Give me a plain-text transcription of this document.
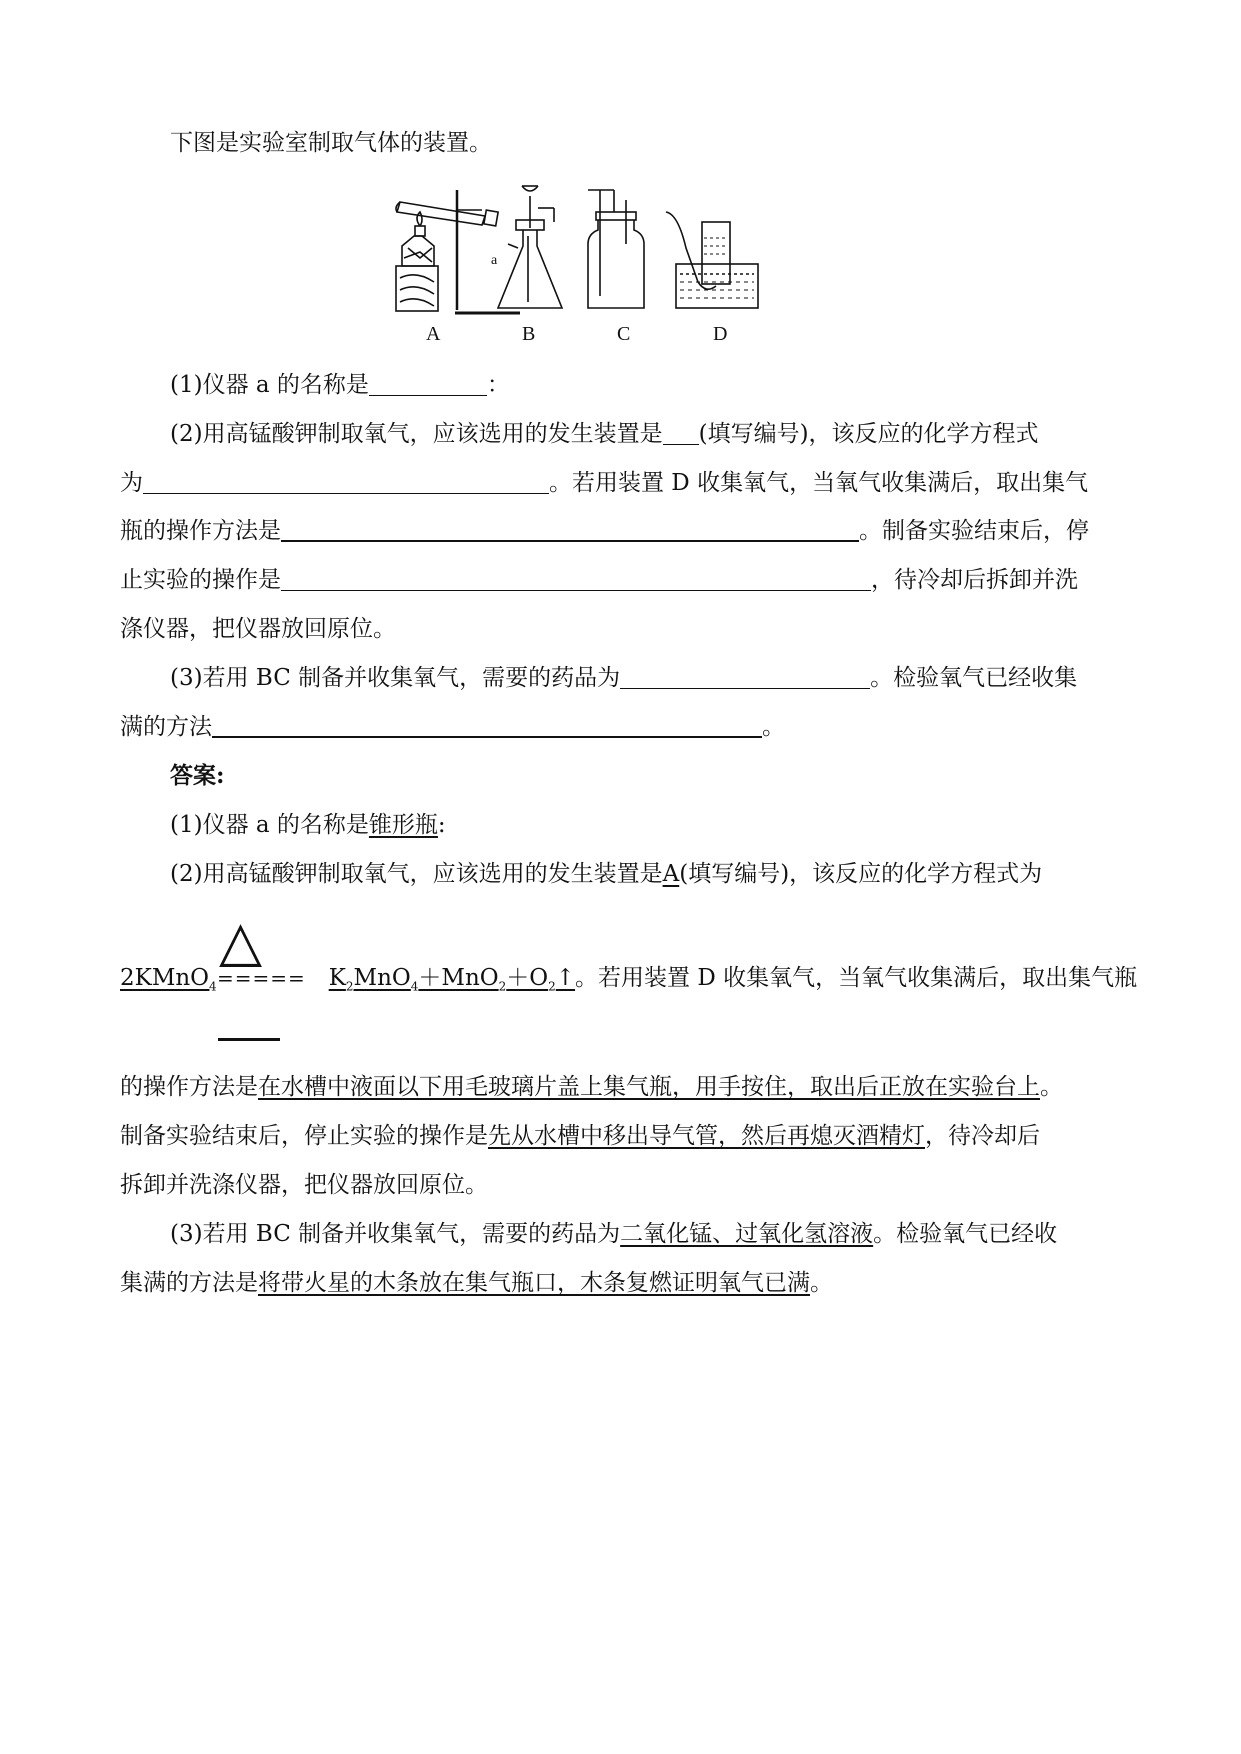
下图是实验室制取气体的装置。
A	B	C	D
a
(1)仪器 a 的名称是	：
(2)用高锰酸钾制取氧气，应该选用的发生装置是 (填写编号)，该反应的化学方程式
为	。若用装置 D 收集氧气，当氧气收集满后，取出集气
瓶的操作方法是	。制备实验结束后，停
止实验的操作是	，待冷却后拆卸并洗
涤仪器，把仪器放回原位。
(3)若用 BC 制备并收集氧气，需要的药品为	。检验氧气已经收集
满的方法	。
答案:
(1)仪器 a 的名称是锥形瓶:
(2)用高锰酸钾制取氧气，应该选用的发生装置是A(填写编号)，该反应的化学方程式为
2KMnO$_4$	$K_2MnO_4+MnO_2+O_2↑$。若用装置 D 收集氧气，当氧气收集满后，取出集气瓶
△
=====
的操作方法是在水槽中液面以下用毛玻璃片盖上集气瓶，用手按住，取出后正放在实验台上。
制备实验结束后，停止实验的操作是先从水槽中移出导气管，然后再熄灭酒精灯，待冷却后
拆卸并洗涤仪器，把仪器放回原位。
(3)若用 BC 制备并收集氧气，需要的药品为二氧化锰、过氧化氢溶液。检验氧气已经收
集满的方法是将带火星的木条放在集气瓶口，木条复燃证明氧气已满。
